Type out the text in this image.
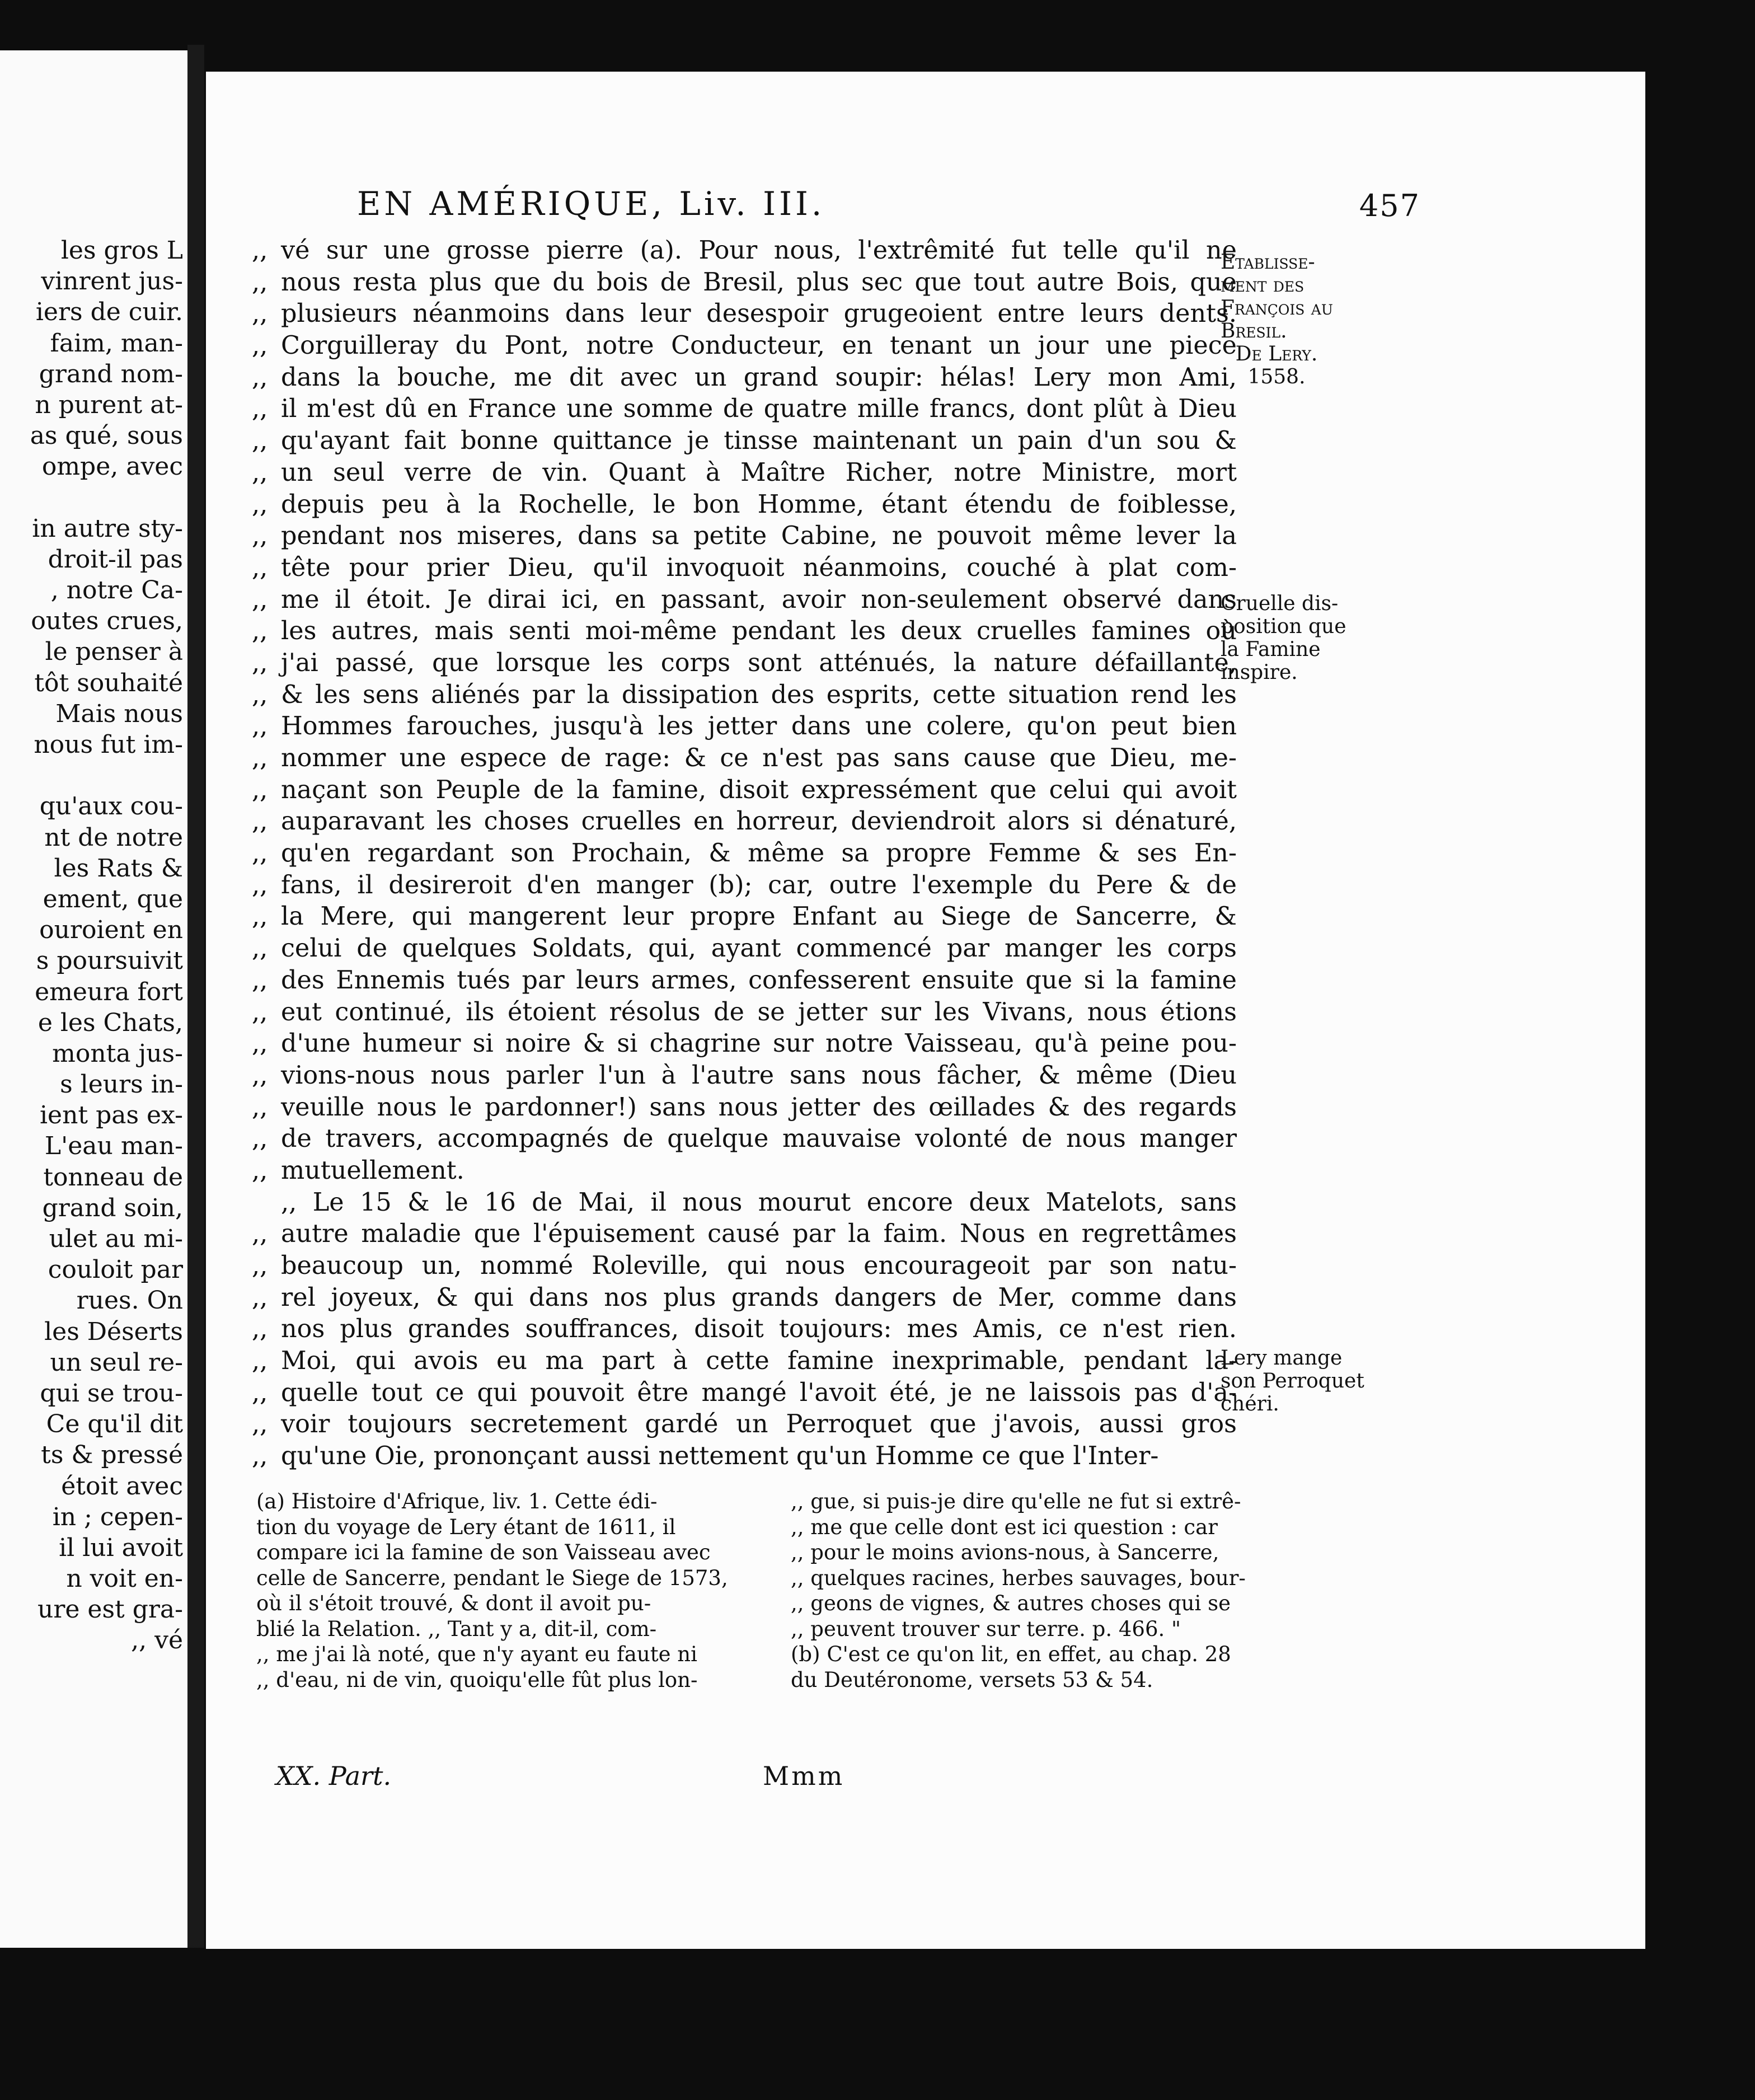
les gros L
vinrent jus-
iers de cuir.
faim, man-
grand nom-
n purent at-
as qué, sous
ompe, avec
in autre sty-
droit-il pas
, notre Ca-
outes crues,
le penser à
tôt souhaité
Mais nous
nous fut im-
qu'aux cou-
nt de notre
les Rats &
ement, que
ouroient en
s poursuivit
emeura fort
e les Chats,
monta jus-
s leurs in-
ient pas ex-
L'eau man-
tonneau de
grand soin,
ulet au mi-
couloit par
rues. On
les Déserts
un seul re-
qui se trou-
Ce qu'il dit
ts & pressé
étoit avec
in ; cepen-
il lui avoit
n voit en-
ure est gra-
,, vé
EN AMÉRIQUE, Liv. III.	457
,, vé sur une grosse pierre (a). Pour nous, l'extrêmité fut telle qu'il ne
,, nous resta plus que du bois de Bresil, plus sec que tout autre Bois, que
,, plusieurs néanmoins dans leur desespoir grugeoient entre leurs dents.
,, Corguilleray du Pont, notre Conducteur, en tenant un jour une piece
,, dans la bouche, me dit avec un grand soupir: hélas! Lery mon Ami,
,, il m'est dû en France une somme de quatre mille francs, dont plût à Dieu
,, qu'ayant fait bonne quittance je tinsse maintenant un pain d'un sou &
,, un seul verre de vin. Quant à Maître Richer, notre Ministre, mort
,, depuis peu à la Rochelle, le bon Homme, étant étendu de foiblesse,
,, pendant nos miseres, dans sa petite Cabine, ne pouvoit même lever la
,, tête pour prier Dieu, qu'il invoquoit néanmoins, couché à plat com-
,, me il étoit. Je dirai ici, en passant, avoir non-seulement observé dans
,, les autres, mais senti moi-même pendant les deux cruelles famines où
,, j'ai passé, que lorsque les corps sont atténués, la nature défaillante,
,, & les sens aliénés par la dissipation des esprits, cette situation rend les
,, Hommes farouches, jusqu'à les jetter dans une colere, qu'on peut bien
,, nommer une espece de rage: & ce n'est pas sans cause que Dieu, me-
,, naçant son Peuple de la famine, disoit expressément que celui qui avoit
,, auparavant les choses cruelles en horreur, deviendroit alors si dénaturé,
,, qu'en regardant son Prochain, & même sa propre Femme & ses En-
,, fans, il desireroit d'en manger (b); car, outre l'exemple du Pere & de
,, la Mere, qui mangerent leur propre Enfant au Siege de Sancerre, &
,, celui de quelques Soldats, qui, ayant commencé par manger les corps
,, des Ennemis tués par leurs armes, confesserent ensuite que si la famine
,, eut continué, ils étoient résolus de se jetter sur les Vivans, nous étions
,, d'une humeur si noire & si chagrine sur notre Vaisseau, qu'à peine pou-
,, vions-nous nous parler l'un à l'autre sans nous fâcher, & même (Dieu
,, veuille nous le pardonner!) sans nous jetter des œillades & des regards
,, de travers, accompagnés de quelque mauvaise volonté de nous manger
,, mutuellement.
,, Le 15 & le 16 de Mai, il nous mourut encore deux Matelots, sans
,, autre maladie que l'épuisement causé par la faim. Nous en regrettâmes
,, beaucoup un, nommé Roleville, qui nous encourageoit par son natu-
,, rel joyeux, & qui dans nos plus grands dangers de Mer, comme dans
,, nos plus grandes souffrances, disoit toujours: mes Amis, ce n'est rien.
,, Moi, qui avois eu ma part à cette famine inexprimable, pendant la-
,, quelle tout ce qui pouvoit être mangé l'avoit été, je ne laissois pas d'a-
,, voir toujours secretement gardé un Perroquet que j'avois, aussi gros
,, qu'une Oie, prononçant aussi nettement qu'un Homme ce que l'Inter-
Etablisse-
ment des
François au
Bresil.
De Lery.
1558.
Cruelle dis-
position que
la Famine
inspire.
Lery mange
son Perroquet
chéri.
(a) Histoire d'Afrique, liv. 1. Cette édi-
tion du voyage de Lery étant de 1611, il
compare ici la famine de son Vaisseau avec
celle de Sancerre, pendant le Siege de 1573,
où il s'étoit trouvé, & dont il avoit pu-
blié la Relation. ,, Tant y a, dit-il, com-
,, me j'ai là noté, que n'y ayant eu faute ni
,, d'eau, ni de vin, quoiqu'elle fût plus lon-
,, gue, si puis-je dire qu'elle ne fut si extrê-
,, me que celle dont est ici question : car
,, pour le moins avions-nous, à Sancerre,
,, quelques racines, herbes sauvages, bour-
,, geons de vignes, & autres choses qui se
,, peuvent trouver sur terre. p. 466. "
(b) C'est ce qu'on lit, en effet, au chap. 28
du Deutéronome, versets 53 & 54.
XX. Part.	Mmm
